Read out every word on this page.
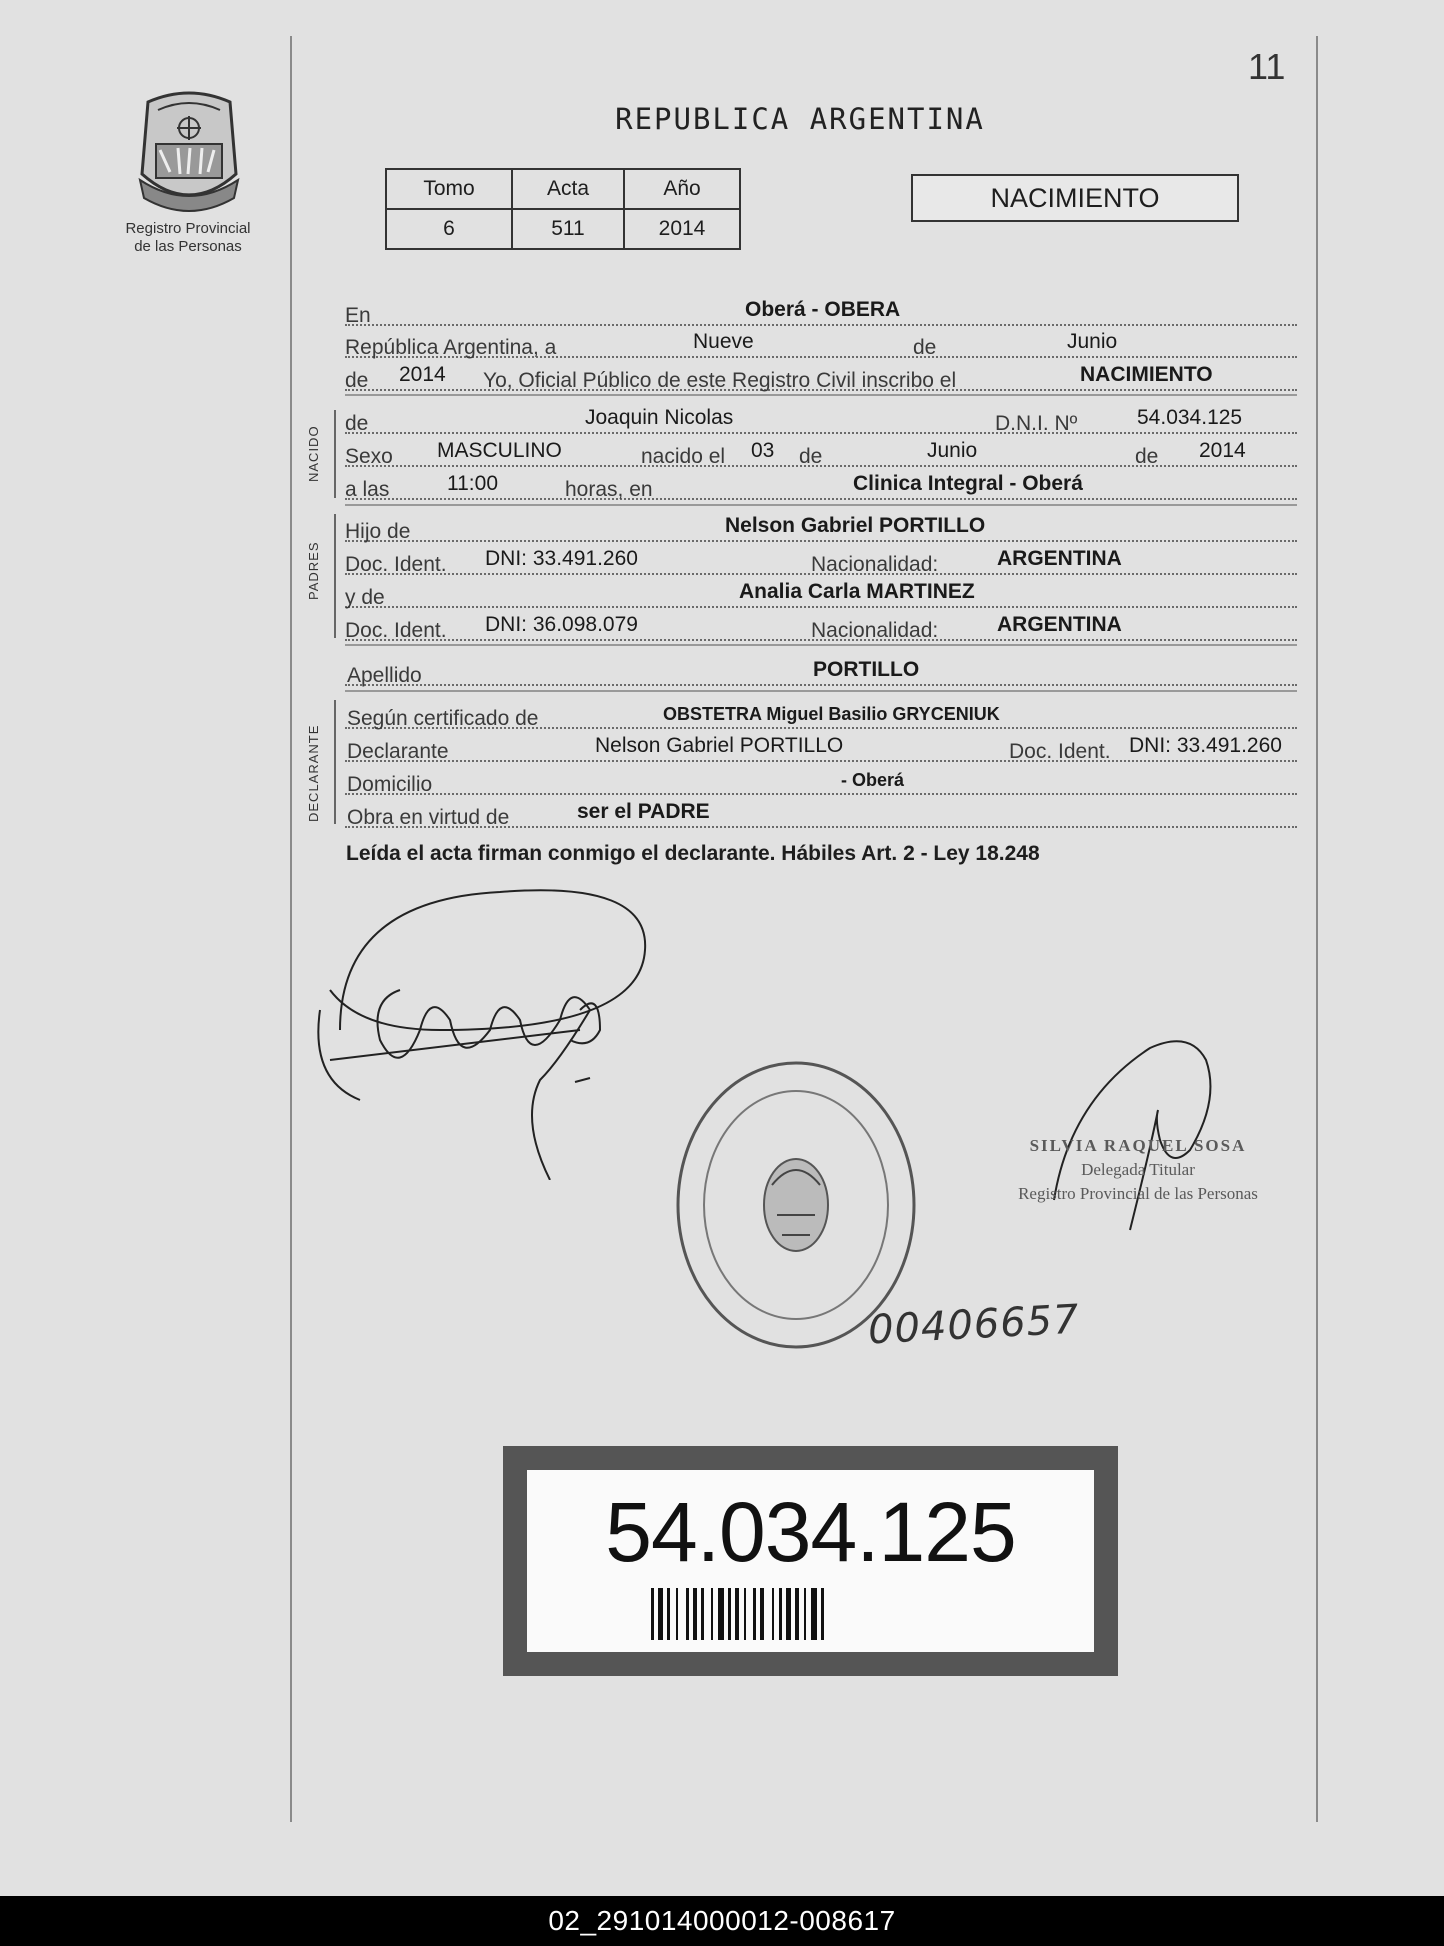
11
Registro Provincial
de las Personas
REPUBLICA ARGENTINA
Tomo	Acta	Año
6	511	2014
NACIMIENTO
En	Oberá - OBERA
República Argentina, a	Nueve	de	Junio
de 2014 Yo, Oficial Público de este Registro Civil inscribo el	NACIMIENTO
NACIDO
de	Joaquin Nicolas	D.N.I. Nº	54.034.125
Sexo MASCULINO	nacido el 03 de	Junio	de 2014
a las	11:00	horas, en	Clinica Integral - Oberá
PADRES
Hijo de	Nelson Gabriel PORTILLO
Doc. Ident. DNI: 33.491.260	Nacionalidad:	ARGENTINA
y de	Analia Carla MARTINEZ
Doc. Ident. DNI: 36.098.079	Nacionalidad:	ARGENTINA
Apellido	PORTILLO
DECLARANTE
Según certificado de	OBSTETRA Miguel Basilio GRYCENIUK
Declarante	Nelson Gabriel PORTILLO	Doc. Ident. DNI: 33.491.260
Domicilio	- Oberá
Obra en virtud de	ser el PADRE
Leída el acta firman conmigo el declarante. Hábiles Art. 2 - Ley 18.248
SILVIA RAQUEL SOSA
Delegada Titular
Registro Provincial de las Personas
00406657
54.034.125
02_291014000012-008617
